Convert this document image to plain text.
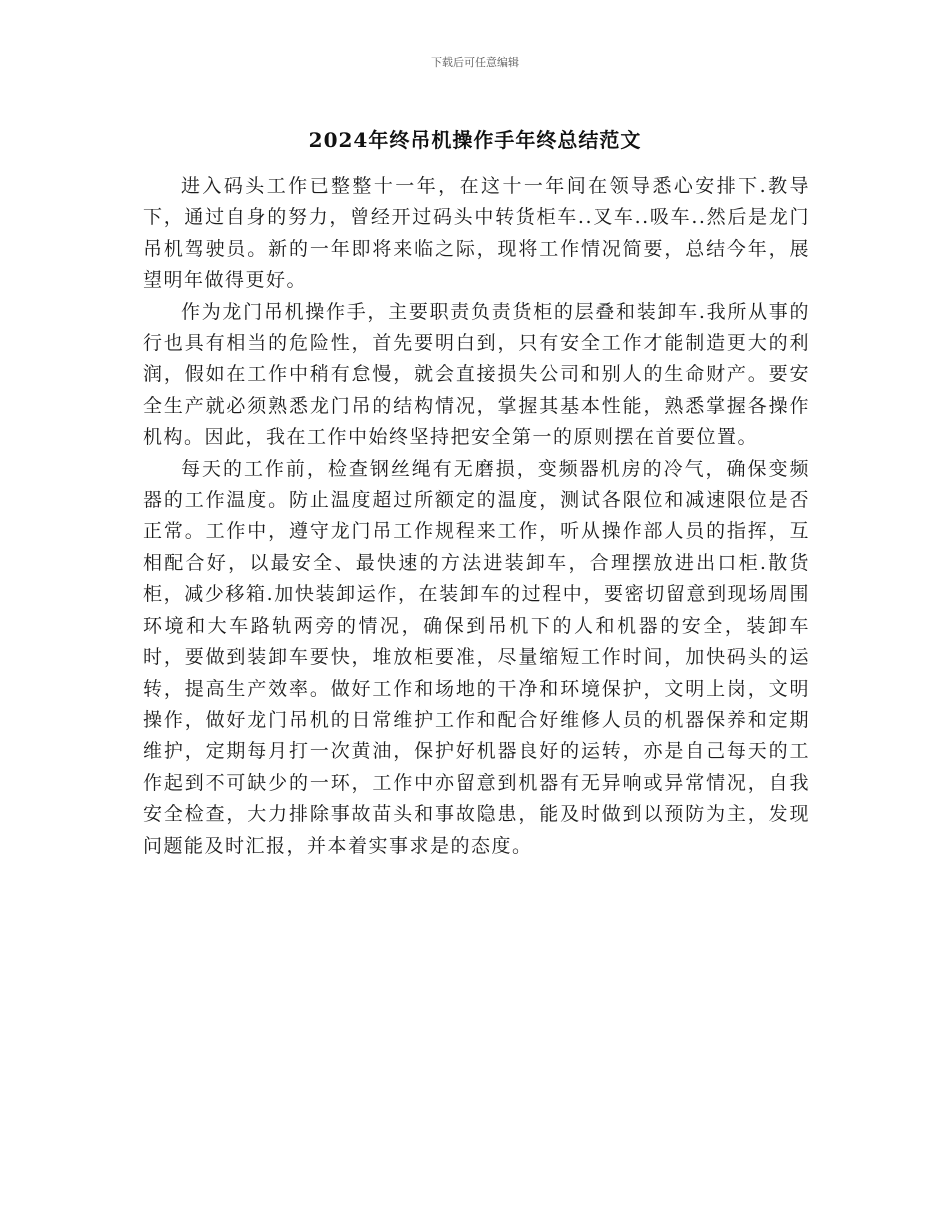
下载后可任意编辑
2024年终吊机操作手年终总结范文

进入码头工作已整整十一年，在这十一年间在领导悉心安排下.教导下，通过自身的努力，曾经开过码头中转货柜车..叉车..吸车..然后是龙门吊机驾驶员。新的一年即将来临之际，现将工作情况简要，总结今年，展望明年做得更好。

作为龙门吊机操作手，主要职责负责货柜的层叠和装卸车.我所从事的行也具有相当的危险性，首先要明白到，只有安全工作才能制造更大的利润，假如在工作中稍有怠慢，就会直接损失公司和别人的生命财产。要安全生产就必须熟悉龙门吊的结构情况，掌握其基本性能，熟悉掌握各操作机构。因此，我在工作中始终坚持把安全第一的原则摆在首要位置。

每天的工作前，检查钢丝绳有无磨损，变频器机房的冷气，确保变频器的工作温度。防止温度超过所额定的温度，测试各限位和减速限位是否正常。工作中，遵守龙门吊工作规程来工作，听从操作部人员的指挥，互相配合好，以最安全、最快速的方法进装卸车，合理摆放进出口柜.散货柜，减少移箱.加快装卸运作，在装卸车的过程中，要密切留意到现场周围环境和大车路轨两旁的情况，确保到吊机下的人和机器的安全，装卸车时，要做到装卸车要快，堆放柜要准，尽量缩短工作时间，加快码头的运转，提高生产效率。做好工作和场地的干净和环境保护，文明上岗，文明操作，做好龙门吊机的日常维护工作和配合好维修人员的机器保养和定期维护，定期每月打一次黄油，保护好机器良好的运转，亦是自己每天的工作起到不可缺少的一环，工作中亦留意到机器有无异响或异常情况，自我安全检查，大力排除事故苗头和事故隐患，能及时做到以预防为主，发现问题能及时汇报，并本着实事求是的态度。
